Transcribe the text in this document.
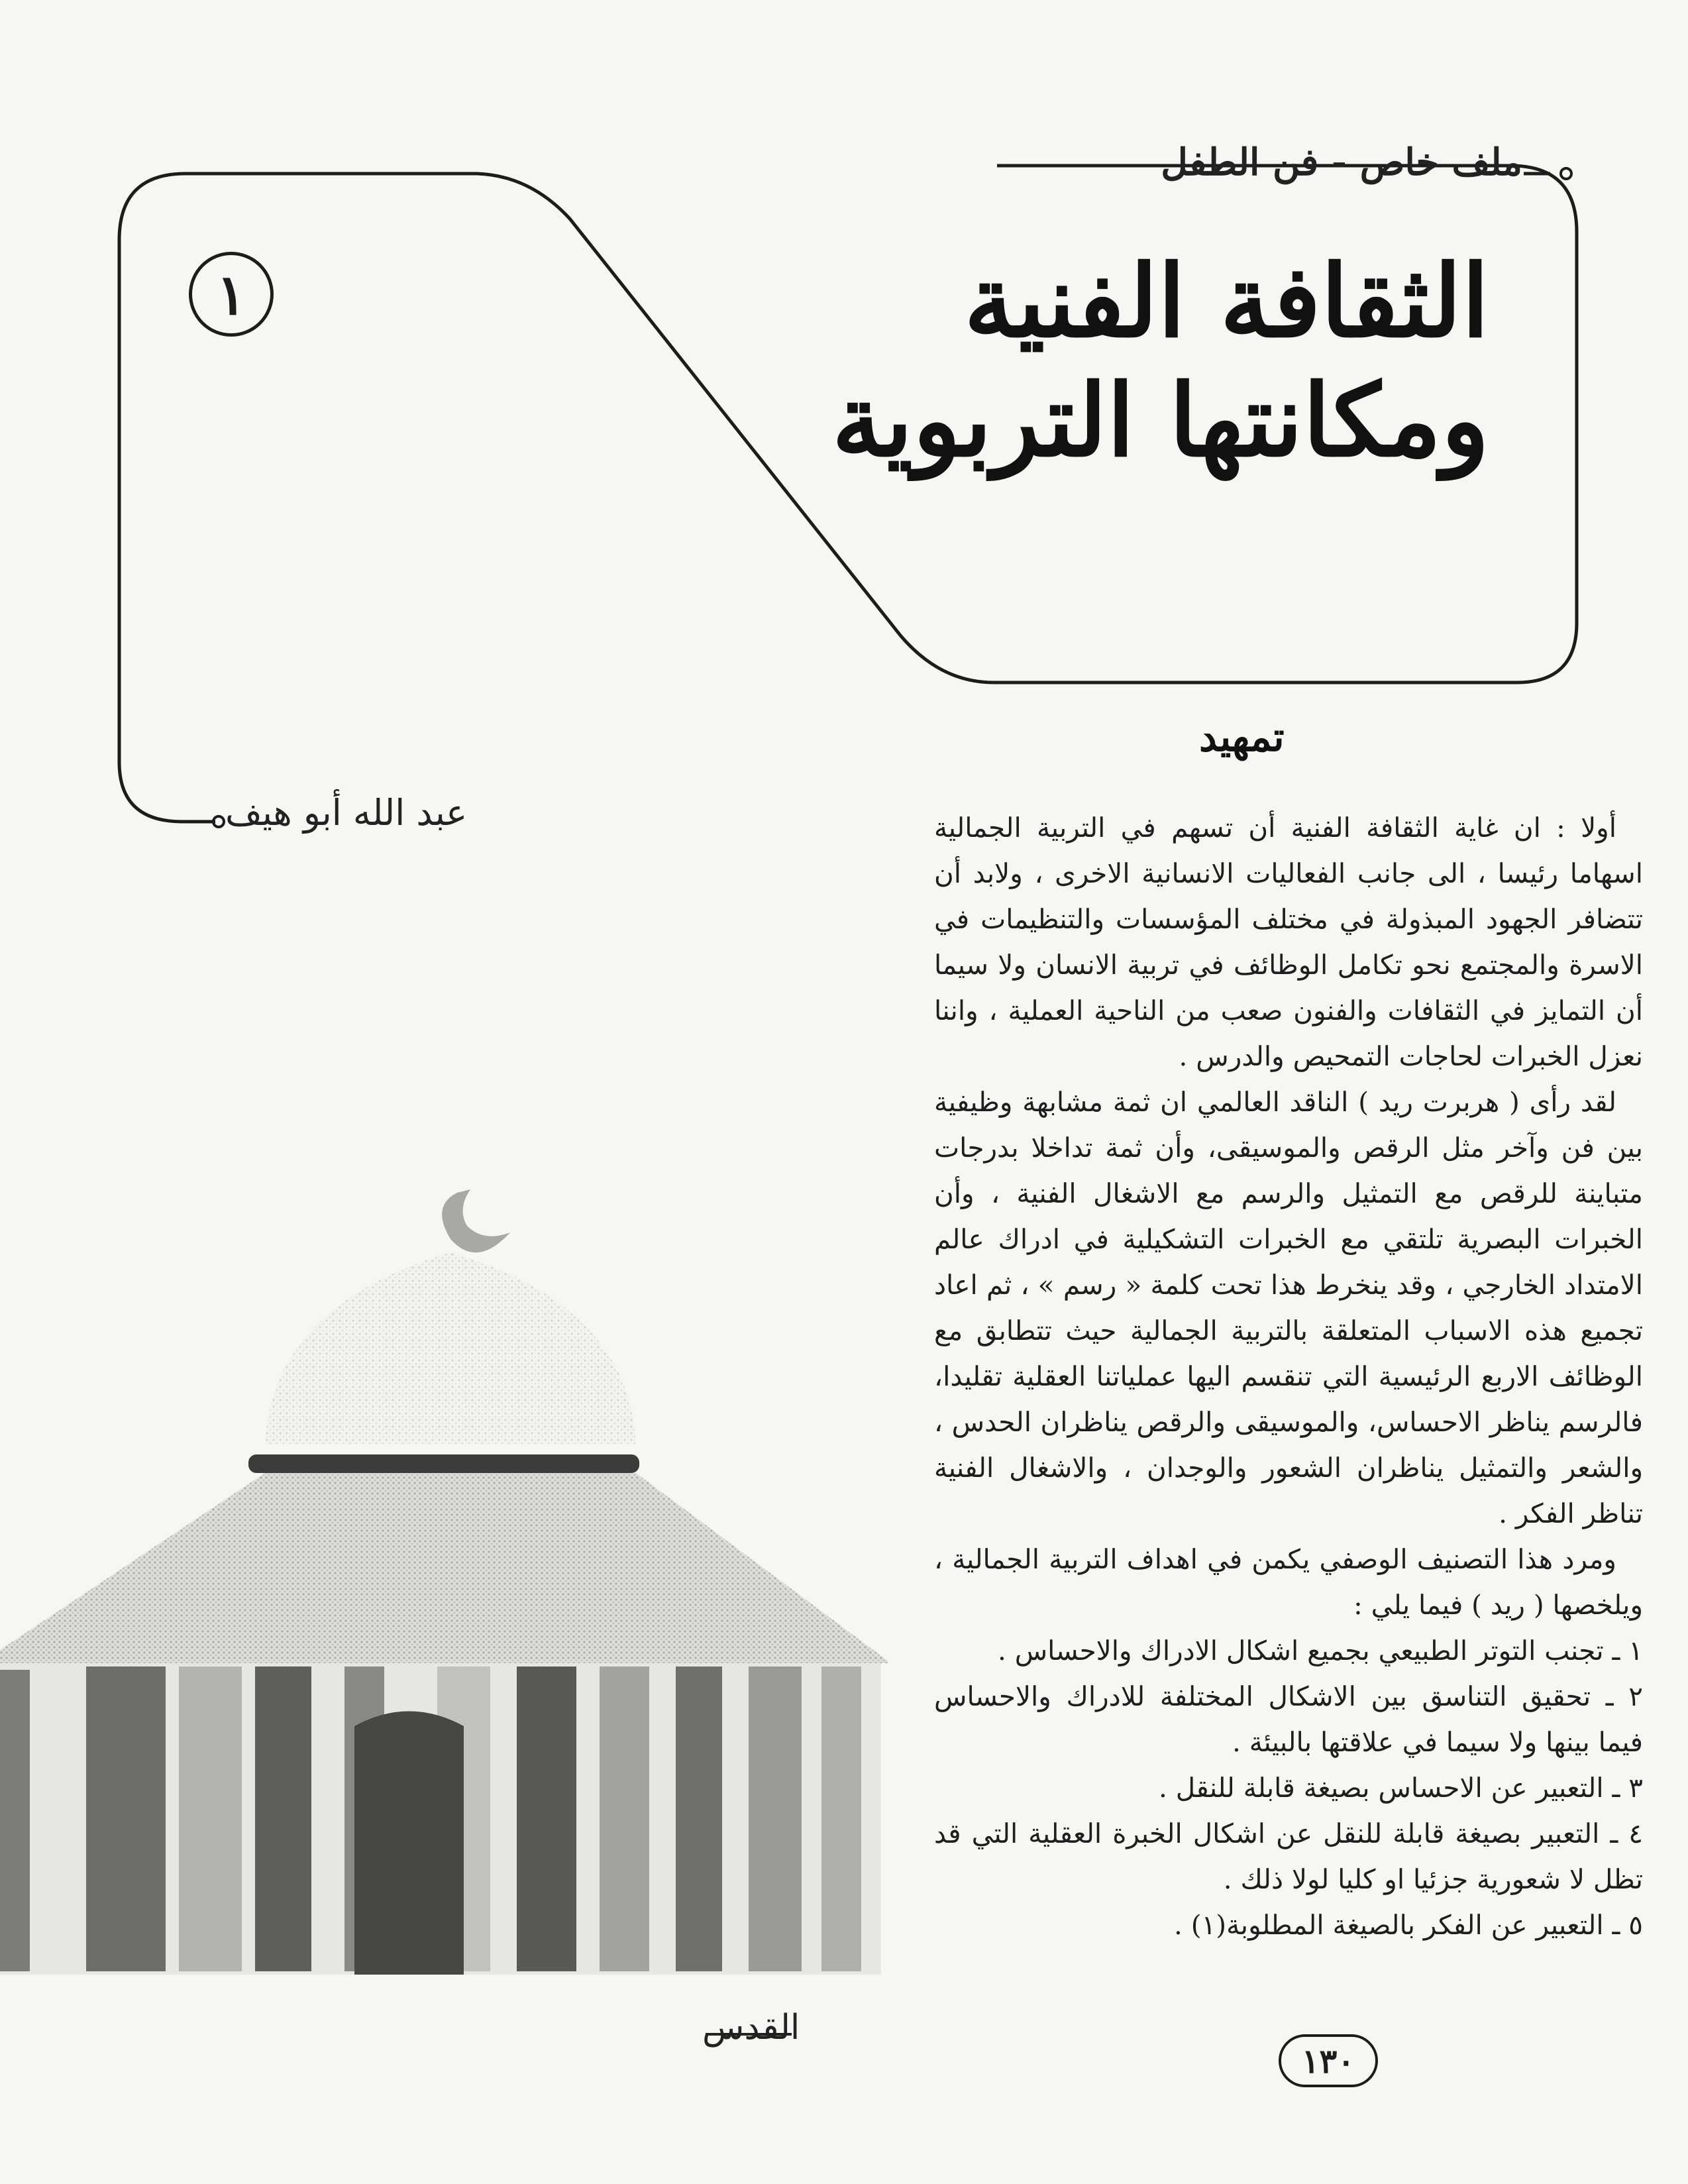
ملف خاص - فن الطفل
١	الثقافة الفنية
ومكانتها التربوية
عبد الله أبو هيف
تمهيد

أولا : ان غاية الثقافة الفنية أن تسهم في التربية الجمالية اسهاما رئيسا ، الى جانب الفعاليات الانسانية الاخرى ، ولابد أن تتضافر الجهود المبذولة في مختلف المؤسسات والتنظيمات في الاسرة والمجتمع نحو تكامل الوظائف في تربية الانسان ولا سيما أن التمايز في الثقافات والفنون صعب من الناحية العملية ، واننا نعزل الخبرات لحاجات التمحيص والدرس .

لقد رأى ( هربرت ريد ) الناقد العالمي ان ثمة مشابهة وظيفية بين فن وآخر مثل الرقص والموسيقى، وأن ثمة تداخلا بدرجات متباينة للرقص مع التمثيل والرسم مع الاشغال الفنية ، وأن الخبرات البصرية تلتقي مع الخبرات التشكيلية في ادراك عالم الامتداد الخارجي ، وقد ينخرط هذا تحت كلمة « رسم » ، ثم اعاد تجميع هذه الاسباب المتعلقة بالتربية الجمالية حيث تتطابق مع الوظائف الاربع الرئيسية التي تنقسم اليها عملياتنا العقلية تقليدا، فالرسم يناظر الاحساس، والموسيقى والرقص يناظران الحدس ، والشعر والتمثيل يناظران الشعور والوجدان ، والاشغال الفنية تناظر الفكر .

ومرد هذا التصنيف الوصفي يكمن في اهداف التربية الجمالية ، ويلخصها ( ريد ) فيما يلي :

١ ـ تجنب التوتر الطبيعي بجميع اشكال الادراك والاحساس .

٢ ـ تحقيق التناسق بين الاشكال المختلفة للادراك والاحساس فيما بينها ولا سيما في علاقتها بالبيئة .

٣ ـ التعبير عن الاحساس بصيغة قابلة للنقل .

٤ ـ التعبير بصيغة قابلة للنقل عن اشكال الخبرة العقلية التي قد تظل لا شعورية جزئيا او كليا لولا ذلك .

٥ ـ التعبير عن الفكر بالصيغة المطلوبة(١) .

القدس
١٣٠
